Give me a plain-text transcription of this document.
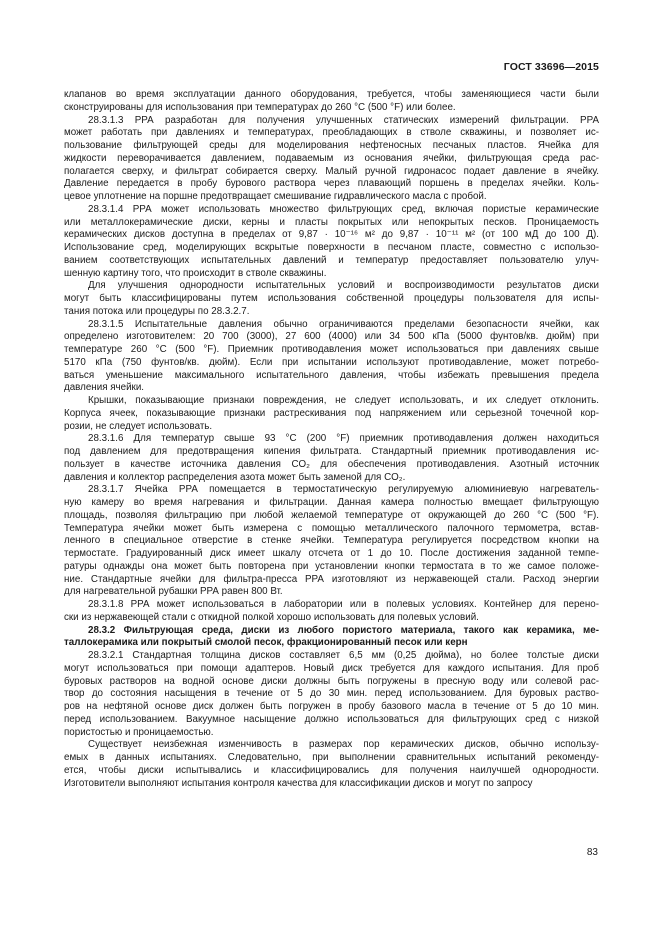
ГОСТ 33696—2015
клапанов во время эксплуатации данного оборудования, требуется, чтобы заменяющиеся части были
сконструированы для использования при температурах до 260 °С (500 °F) или более.
28.3.1.3 РРА разработан для получения улучшенных статических измерений фильтрации. РРА
может работать при давлениях и температурах, преобладающих в стволе скважины, и позволяет ис-
пользование фильтрующей среды для моделирования нефтеносных песчаных пластов. Ячейка для
жидкости переворачивается давлением, подаваемым из основания ячейки, фильтрующая среда рас-
полагается сверху, и фильтрат собирается сверху. Малый ручной гидронасос подает давление в ячейку.
Давление передается в пробу бурового раствора через плавающий поршень в пределах ячейки. Коль-
цевое уплотнение на поршне предотвращает смешивание гидравлического масла с пробой.
28.3.1.4 РРА может использовать множество фильтрующих сред, включая пористые керамические
или металлокерамические диски, керны и пласты покрытых или непокрытых песков. Проницаемость
керамических дисков доступна в пределах от 9,87 · 10⁻¹⁶ м² до 9,87 · 10⁻¹¹ м² (от 100 мД до 100 Д).
Использование сред, моделирующих вскрытые поверхности в песчаном пласте, совместно с использо-
ванием соответствующих испытательных давлений и температур предоставляет пользователю улуч-
шенную картину того, что происходит в стволе скважины.
Для улучшения однородности испытательных условий и воспроизводимости результатов диски
могут быть классифицированы путем использования собственной процедуры пользователя для испы-
тания потока или процедуры по 28.3.2.7.
28.3.1.5 Испытательные давления обычно ограничиваются пределами безопасности ячейки, как
определено изготовителем: 20 700 (3000), 27 600 (4000) или 34 500 кПа (5000 фунтов/кв. дюйм) при
температуре 260 °С (500 °F). Приемник противодавления может использоваться при давлениях свыше
5170 кПа (750 фунтов/кв. дюйм). Если при испытании используют противодавление, может потребо-
ваться уменьшение максимального испытательного давления, чтобы избежать превышения предела
давления ячейки.
Крышки, показывающие признаки повреждения, не следует использовать, и их следует отклонить.
Корпуса ячеек, показывающие признаки растрескивания под напряжением или серьезной точечной кор-
розии, не следует использовать.
28.3.1.6 Для температур свыше 93 °С (200 °F) приемник противодавления должен находиться
под давлением для предотвращения кипения фильтрата. Стандартный приемник противодавления ис-
пользует в качестве источника давления CO₂ для обеспечения противодавления. Азотный источник
давления и коллектор распределения азота может быть заменой для CO₂.
28.3.1.7 Ячейка РРА помещается в термостатическую регулируемую алюминиевую нагреватель-
ную камеру во время нагревания и фильтрации. Данная камера полностью вмещает фильтрующую
площадь, позволяя фильтрацию при любой желаемой температуре от окружающей до 260 °С (500 °F).
Температура ячейки может быть измерена с помощью металлического палочного термометра, встав-
ленного в специальное отверстие в стенке ячейки. Температура регулируется посредством кнопки на
термостате. Градуированный диск имеет шкалу отсчета от 1 до 10. После достижения заданной темпе-
ратуры однажды она может быть повторена при установлении кнопки термостата в то же самое положе-
ние. Стандартные ячейки для фильтра-пресса РРА изготовляют из нержавеющей стали. Расход энергии
для нагревательной рубашки РРА равен 800 Вт.
28.3.1.8 РРА может использоваться в лаборатории или в полевых условиях. Контейнер для перено-
ски из нержавеющей стали с откидной полкой хорошо использовать для полевых условий.
28.3.2 Фильтрующая среда, диски из любого пористого материала, такого как керамика, ме-
таллокерамика или покрытый смолой песок, фракционированный песок или керн
28.3.2.1 Стандартная толщина дисков составляет 6,5 мм (0,25 дюйма), но более толстые диски
могут использоваться при помощи адаптеров. Новый диск требуется для каждого испытания. Для проб
буровых растворов на водной основе диски должны быть погружены в пресную воду или солевой рас-
твор до состояния насыщения в течение от 5 до 30 мин. перед использованием. Для буровых раство-
ров на нефтяной основе диск должен быть погружен в пробу базового масла в течение от 5 до 10 мин.
перед использованием. Вакуумное насыщение должно использоваться для фильтрующих сред с низкой
пористостью и проницаемостью.
Существует неизбежная изменчивость в размерах пор керамических дисков, обычно использу-
емых в данных испытаниях. Следовательно, при выполнении сравнительных испытаний рекоменду-
ется, чтобы диски испытывались и классифицировались для получения наилучшей однородности.
Изготовители выполняют испытания контроля качества для классификации дисков и могут по запросу
83
